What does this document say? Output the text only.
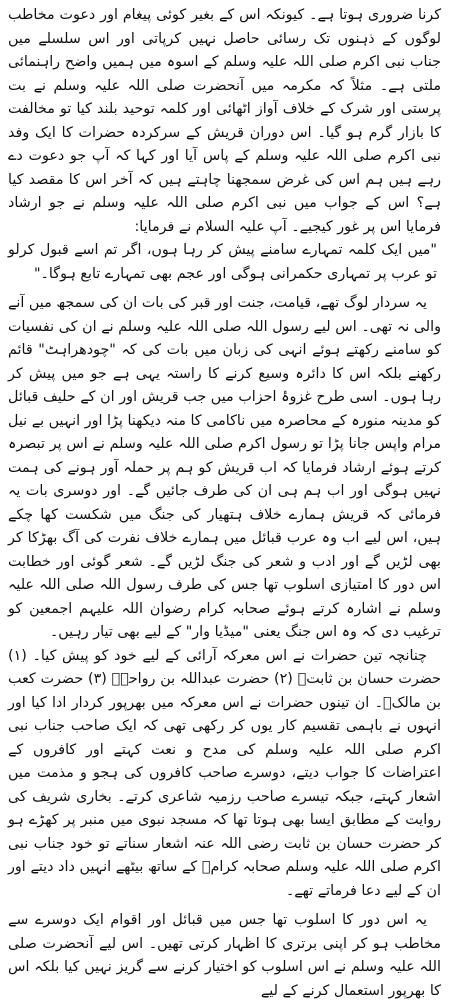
کرنا ضروری ہوتا ہے۔ کیونکہ اس کے بغیر کوئی پیغام اور دعوت مخاطب لوگوں کے ذہنوں تک رسائی حاصل نہیں کرپاتی اور اس سلسلے میں جناب نبی اکرم صلی اللہ علیہ وسلم کے اسوہ میں ہمیں واضح راہنمائی ملتی ہے۔ مثلاً کہ مکرمہ میں آنحضرت صلی اللہ علیہ وسلم نے بت پرستی اور شرک کے خلاف آواز اٹھائی اور کلمہ توحید بلند کیا تو مخالفت کا بازار گرم ہو گیا۔ اس دوران قریش کے سرکردہ حضرات کا ایک وفد نبی اکرم صلی اللہ علیہ وسلم کے پاس آیا اور کہا کہ آپ جو دعوت دے رہے ہیں ہم اس کی غرض سمجھنا چاہتے ہیں کہ آخر اس کا مقصد کیا ہے؟ اس کے جواب میں نبی اکرم صلی اللہ علیہ وسلم نے جو ارشاد فرمایا اس پر غور کیجیے۔ آپ علیہ السلام نے فرمایا:

"میں ایک کلمہ تمہارے سامنے پیش کر رہا ہوں، اگر تم اسے قبول کرلو تو عرب پر تمہاری حکمرانی ہوگی اور عجم بھی تمہارے تابع ہوگا۔"

یہ سردار لوگ تھے، قیامت، جنت اور قبر کی بات ان کی سمجھ میں آنے والی نہ تھی۔ اس لیے رسول اللہ صلی اللہ علیہ وسلم نے ان کی نفسیات کو سامنے رکھتے ہوئے انہی کی زبان میں بات کی کہ "چودھراہٹ" قائم رکھنے بلکہ اس کا دائرہ وسیع کرنے کا راستہ یہی ہے جو میں پیش کر رہا ہوں۔ اسی طرح غزوۂ احزاب میں جب قریش اور ان کے حلیف قبائل کو مدینہ منورہ کے محاصرہ میں ناکامی کا منہ دیکھنا پڑا اور انہیں بے نیل مرام واپس جانا پڑا تو رسول اکرم صلی اللہ علیہ وسلم نے اس پر تبصرہ کرتے ہوئے ارشاد فرمایا کہ اب قریش کو ہم پر حملہ آور ہونے کی ہمت نہیں ہوگی اور اب ہم ہی ان کی طرف جائیں گے۔ اور دوسری بات یہ فرمائی کہ قریش ہمارے خلاف ہتھیار کی جنگ میں شکست کھا چکے ہیں، اس لیے اب وہ عرب قبائل میں ہمارے خلاف نفرت کی آگ بھڑکا کر بھی لڑیں گے اور ادب و شعر کی جنگ لڑیں گے۔ شعر گوئی اور خطابت اس دور کا امتیازی اسلوب تھا جس کی طرف رسول اللہ صلی اللہ علیہ وسلم نے اشارہ کرتے ہوئے صحابہ کرام رضوان اللہ علیہم اجمعین کو ترغیب دی کہ وہ اس جنگ یعنی "میڈیا وار" کے لیے بھی تیار رہیں۔

چنانچہ تین حضرات نے اس معرکہ آرائی کے لیے خود کو پیش کیا۔ (۱) حضرت حسان بن ثابتؓ (۲) حضرت عبداللہ بن رواحہؓ (۳) حضرت کعب بن مالکؓ۔ ان تینوں حضرات نے اس معرکہ میں بھرپور کردار ادا کیا اور انہوں نے باہمی تقسیم کار یوں کر رکھی تھی کہ ایک صاحب جناب نبی اکرم صلی اللہ علیہ وسلم کی مدح و نعت کہتے اور کافروں کے اعتراضات کا جواب دیتے، دوسرے صاحب کافروں کی ہجو و مذمت میں اشعار کہتے، جبکہ تیسرے صاحب رزمیہ شاعری کرتے۔ بخاری شریف کی روایت کے مطابق ایسا بھی ہوتا تھا کہ مسجد نبوی میں منبر پر کھڑے ہو کر حضرت حسان بن ثابت رضی اللہ عنہ اشعار سناتے تو خود جناب نبی اکرم صلی اللہ علیہ وسلم صحابہ کرامؓ کے ساتھ بیٹھے انہیں داد دیتے اور ان کے لیے دعا فرماتے تھے۔

یہ اس دور کا اسلوب تھا جس میں قبائل اور اقوام ایک دوسرے سے مخاطب ہو کر اپنی برتری کا اظہار کرتی تھیں۔ اس لیے آنحضرت صلی اللہ علیہ وسلم نے اس اسلوب کو اختیار کرنے سے گریز نہیں کیا بلکہ اس کا بھرپور استعمال کرنے کے لیے
